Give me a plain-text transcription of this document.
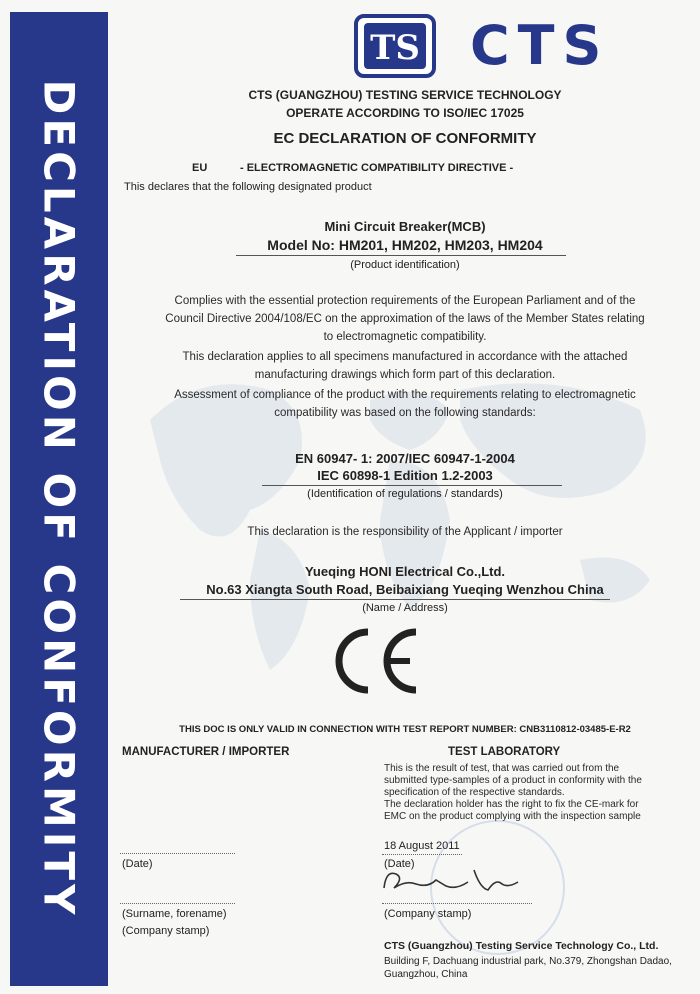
DECLARATION OF CONFORMITY
TS CTS
CTS (GUANGZHOU) TESTING SERVICE TECHNOLOGY
OPERATE ACCORDING TO ISO/IEC 17025
EC DECLARATION OF CONFORMITY
EU	- ELECTROMAGNETIC COMPATIBILITY DIRECTIVE -
This declares that the following designated product
Mini Circuit Breaker(MCB)
Model No: HM201, HM202, HM203, HM204
(Product identification)
Complies with the essential protection requirements of the European Parliament and of the
Council Directive 2004/108/EC on the approximation of the laws of the Member States relating
to electromagnetic compatibility.
This declaration applies to all specimens manufactured in accordance with the attached
manufacturing drawings which form part of this declaration.
Assessment of compliance of the product with the requirements relating to electromagnetic
compatibility was based on the following standards:
EN 60947- 1: 2007/IEC 60947-1-2004
IEC 60898-1 Edition 1.2-2003
(Identification of regulations / standards)
This declaration is the responsibility of the Applicant / importer
Yueqing HONI Electrical Co.,Ltd.
No.63 Xiangta South Road, Beibaixiang Yueqing Wenzhou China
(Name / Address)
CE
THIS DOC IS ONLY VALID IN CONNECTION WITH TEST REPORT NUMBER: CNB3110812-03485-E-R2
MANUFACTURER / IMPORTER
(Date)
(Surname, forename)
(Company stamp)
TEST LABORATORY
This is the result of test, that was carried out from the
submitted type-samples of a product in conformity with the
specification of the respective standards.
The declaration holder has the right to fix the CE-mark for
EMC on the product complying with the inspection sample
18 August 2011
(Date)
(Company stamp)
CTS (Guangzhou) Testing Service Technology Co., Ltd.
Building F, Dachuang industrial park, No.379, Zhongshan Dadao,
Guangzhou, China
